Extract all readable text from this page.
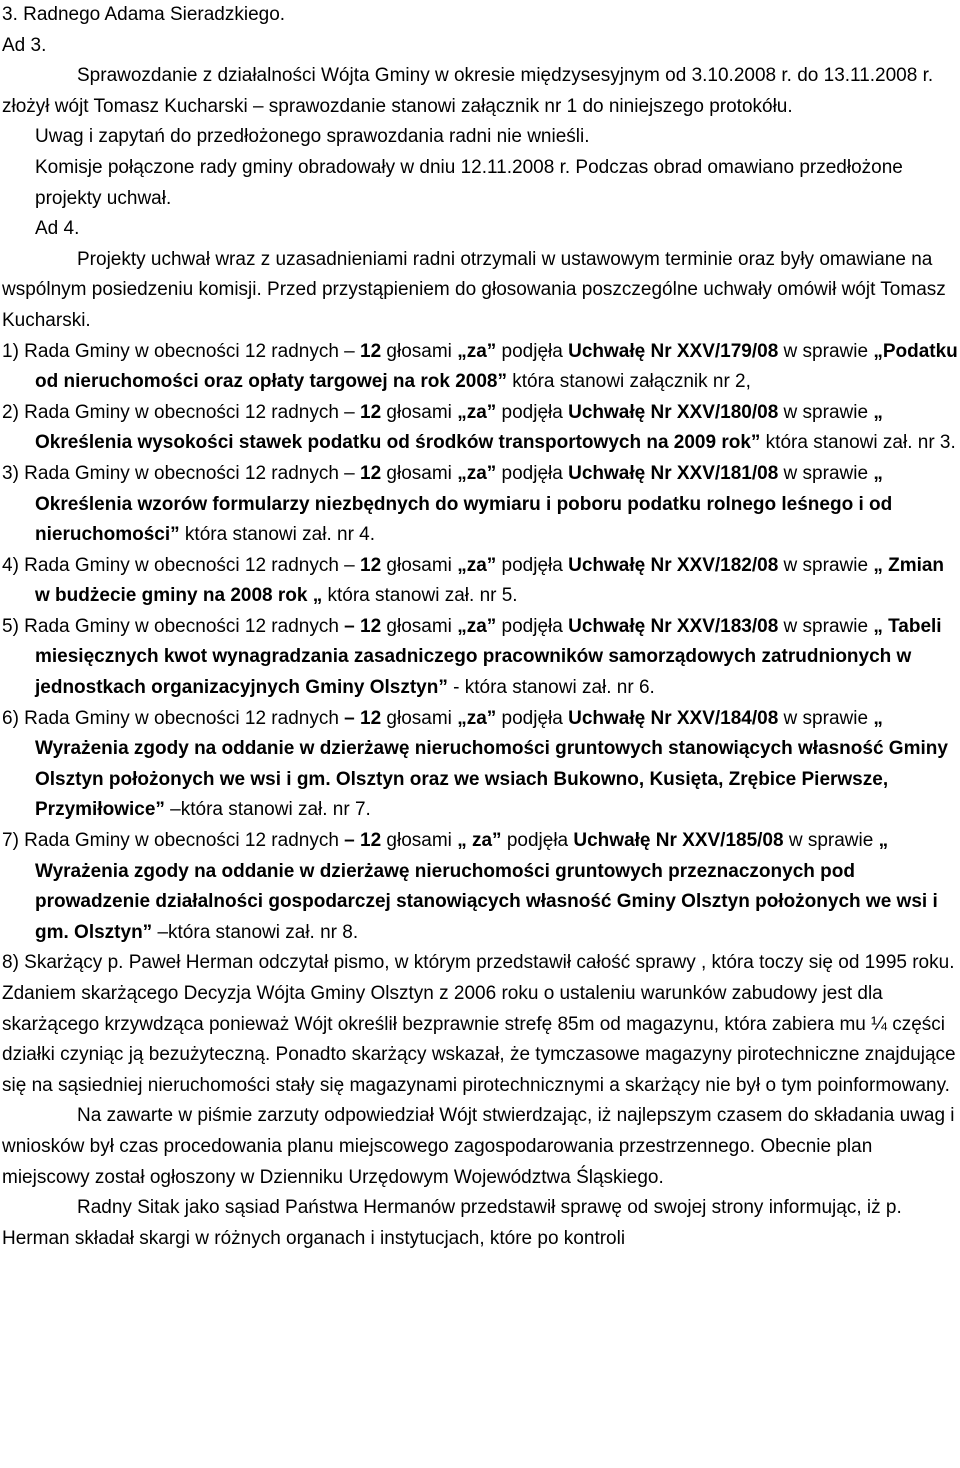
3. Radnego Adama Sieradzkiego.

Ad 3.

Sprawozdanie z działalności Wójta Gminy w okresie międzysesyjnym od 3.10.2008 r. do 13.11.2008 r. złożył wójt Tomasz Kucharski – sprawozdanie stanowi załącznik nr 1 do niniejszego protokółu.

Uwag i zapytań do przedłożonego sprawozdania radni nie wnieśli.

Komisje połączone rady gminy obradowały w dniu 12.11.2008 r. Podczas obrad omawiano przedłożone projekty uchwał.

Ad 4.

Projekty uchwał wraz z uzasadnieniami radni otrzymali w ustawowym terminie oraz były omawiane na wspólnym posiedzeniu komisji. Przed przystąpieniem do głosowania poszczególne uchwały omówił wójt Tomasz Kucharski.

1) Rada Gminy w obecności 12 radnych – 12 głosami „za” podjęła Uchwałę Nr XXV/179/08 w sprawie „Podatku od nieruchomości oraz opłaty targowej na rok 2008” która stanowi załącznik nr 2,

2) Rada Gminy w obecności 12 radnych – 12 głosami „za” podjęła Uchwałę Nr XXV/180/08 w sprawie „ Określenia wysokości stawek podatku od środków transportowych na 2009 rok” która stanowi zał. nr 3.

3) Rada Gminy w obecności 12 radnych – 12 głosami „za” podjęła Uchwałę Nr XXV/181/08 w sprawie „ Określenia wzorów formularzy niezbędnych do wymiaru i poboru podatku rolnego leśnego i od nieruchomości” która stanowi zał. nr 4.

4) Rada Gminy w obecności 12 radnych – 12 głosami „za” podjęła Uchwałę Nr XXV/182/08 w sprawie „ Zmian w budżecie gminy na 2008 rok „ która stanowi zał. nr 5.

5) Rada Gminy w obecności 12 radnych – 12 głosami „za” podjęła Uchwałę Nr XXV/183/08 w sprawie „ Tabeli miesięcznych kwot wynagradzania zasadniczego pracowników samorządowych zatrudnionych w jednostkach organizacyjnych Gminy Olsztyn” - która stanowi zał. nr 6.

6) Rada Gminy w obecności 12 radnych – 12 głosami „za” podjęła Uchwałę Nr XXV/184/08 w sprawie „ Wyrażenia zgody na oddanie w dzierżawę nieruchomości gruntowych stanowiących własność Gminy Olsztyn położonych we wsi i gm. Olsztyn oraz we wsiach Bukowno, Kusięta, Zrębice Pierwsze, Przymiłowice” –która stanowi zał. nr 7.

7) Rada Gminy w obecności 12 radnych – 12 głosami „ za” podjęła Uchwałę Nr XXV/185/08 w sprawie „ Wyrażenia zgody na oddanie w dzierżawę nieruchomości gruntowych przeznaczonych pod prowadzenie działalności gospodarczej stanowiących własność Gminy Olsztyn położonych we wsi i gm. Olsztyn” –która stanowi zał. nr 8.

8) Skarżący p. Paweł Herman odczytał pismo, w którym przedstawił całość sprawy , która toczy się od 1995 roku. Zdaniem skarżącego Decyzja Wójta Gminy Olsztyn z 2006 roku o ustaleniu warunków zabudowy jest dla skarżącego krzywdząca ponieważ Wójt określił bezprawnie strefę 85m od magazynu, która zabiera mu ¼ części działki czyniąc ją bezużyteczną. Ponadto skarżący wskazał, że tymczasowe magazyny pirotechniczne znajdujące się na sąsiedniej nieruchomości stały się magazynami pirotechnicznymi a skarżący nie był o tym poinformowany.

Na zawarte w piśmie zarzuty odpowiedział Wójt stwierdzając, iż najlepszym czasem do składania uwag i wniosków był czas procedowania planu miejscowego zagospodarowania przestrzennego. Obecnie plan miejscowy został ogłoszony w Dzienniku Urzędowym Województwa Śląskiego.

Radny Sitak jako sąsiad Państwa Hermanów przedstawił sprawę od swojej strony informując, iż p. Herman składał skargi w różnych organach i instytucjach, które po kontroli
